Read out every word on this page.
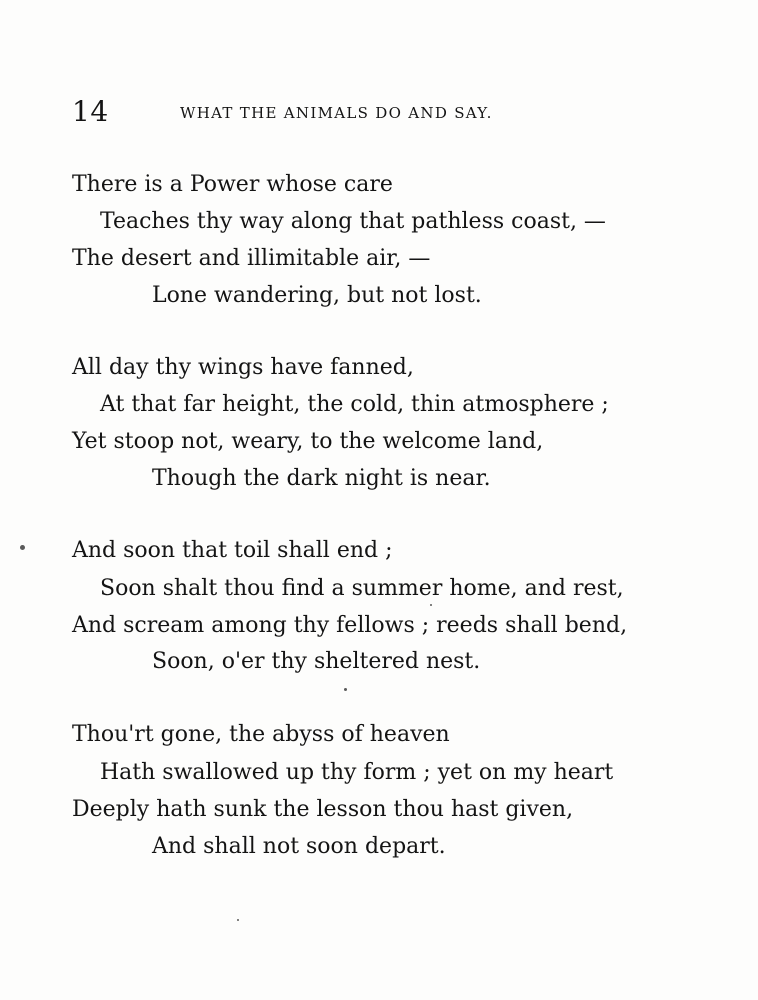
14	WHAT THE ANIMALS DO AND SAY.
There is a Power whose care
Teaches thy way along that pathless coast, —
The desert and illimitable air, —
Lone wandering, but not lost.
All day thy wings have fanned,
At that far height, the cold, thin atmosphere ;
Yet stoop not, weary, to the welcome land,
Though the dark night is near.
And soon that toil shall end ;
Soon shalt thou find a summer home, and rest,
And scream among thy fellows ; reeds shall bend,
Soon, o'er thy sheltered nest.
Thou'rt gone, the abyss of heaven
Hath swallowed up thy form ; yet on my heart
Deeply hath sunk the lesson thou hast given,
And shall not soon depart.
